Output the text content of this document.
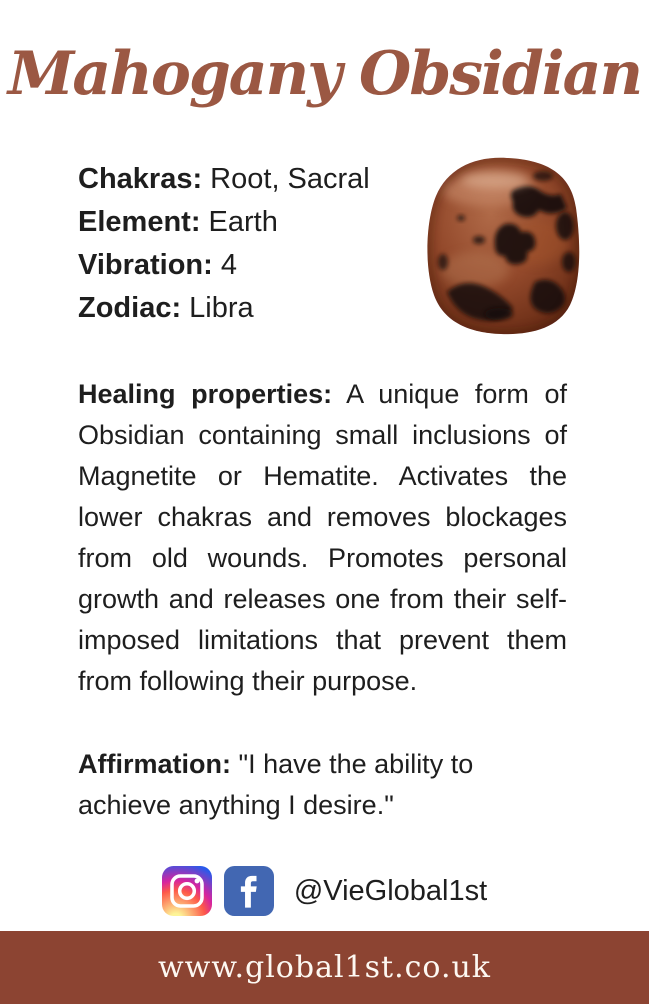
Mahogany Obsidian
Chakras: Root, Sacral
Element: Earth
Vibration: 4
Zodiac: Libra

Healing properties: A unique form of Obsidian containing small inclusions of Magnetite or Hematite. Activates the lower chakras and removes blockages from old wounds. Promotes personal growth and releases one from their self-imposed limitations that prevent them from following their purpose.

Affirmation: "I have the ability to achieve anything I desire."

@VieGlobal1st
www.global1st.co.uk
